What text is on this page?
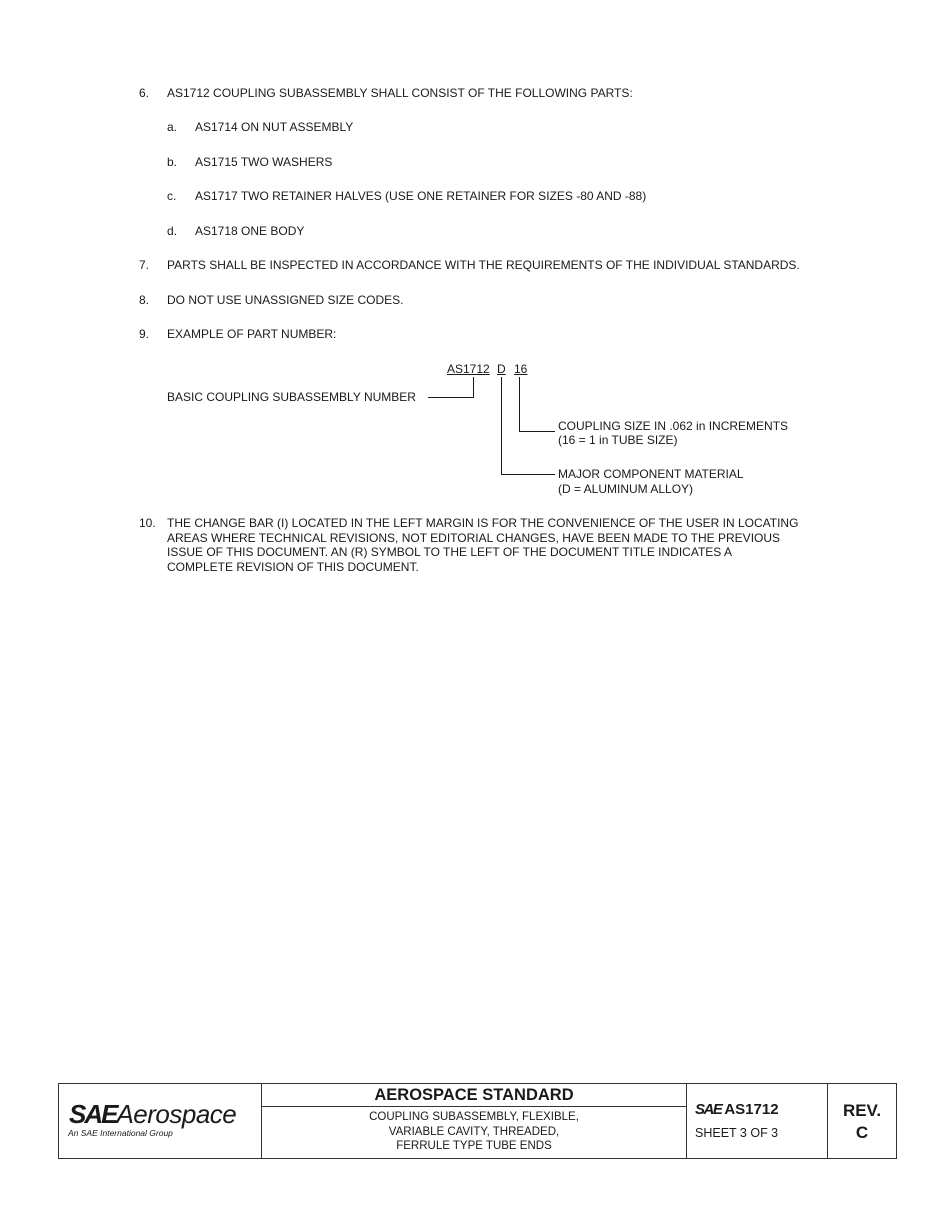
6. AS1712 COUPLING SUBASSEMBLY SHALL CONSIST OF THE FOLLOWING PARTS:
a. AS1714 ON NUT ASSEMBLY
b. AS1715 TWO WASHERS
c. AS1717 TWO RETAINER HALVES (USE ONE RETAINER FOR SIZES -80 AND -88)
d. AS1718 ONE BODY
7. PARTS SHALL BE INSPECTED IN ACCORDANCE WITH THE REQUIREMENTS OF THE INDIVIDUAL STANDARDS.
8. DO NOT USE UNASSIGNED SIZE CODES.
9. EXAMPLE OF PART NUMBER:
AS1712 D 16
BASIC COUPLING SUBASSEMBLY NUMBER
COUPLING SIZE IN .062 in INCREMENTS
(16 = 1 in TUBE SIZE)
MAJOR COMPONENT MATERIAL
(D = ALUMINUM ALLOY)
10. THE CHANGE BAR (I) LOCATED IN THE LEFT MARGIN IS FOR THE CONVENIENCE OF THE USER IN LOCATING
AREAS WHERE TECHNICAL REVISIONS, NOT EDITORIAL CHANGES, HAVE BEEN MADE TO THE PREVIOUS
ISSUE OF THIS DOCUMENT. AN (R) SYMBOL TO THE LEFT OF THE DOCUMENT TITLE INDICATES A
COMPLETE REVISION OF THIS DOCUMENT.
SAEAerospace
An SAE International Group
AEROSPACE STANDARD
COUPLING SUBASSEMBLY, FLEXIBLE,
VARIABLE CAVITY, THREADED,
FERRULE TYPE TUBE ENDS
SAE AS1712
SHEET 3 OF 3
REV.
C
